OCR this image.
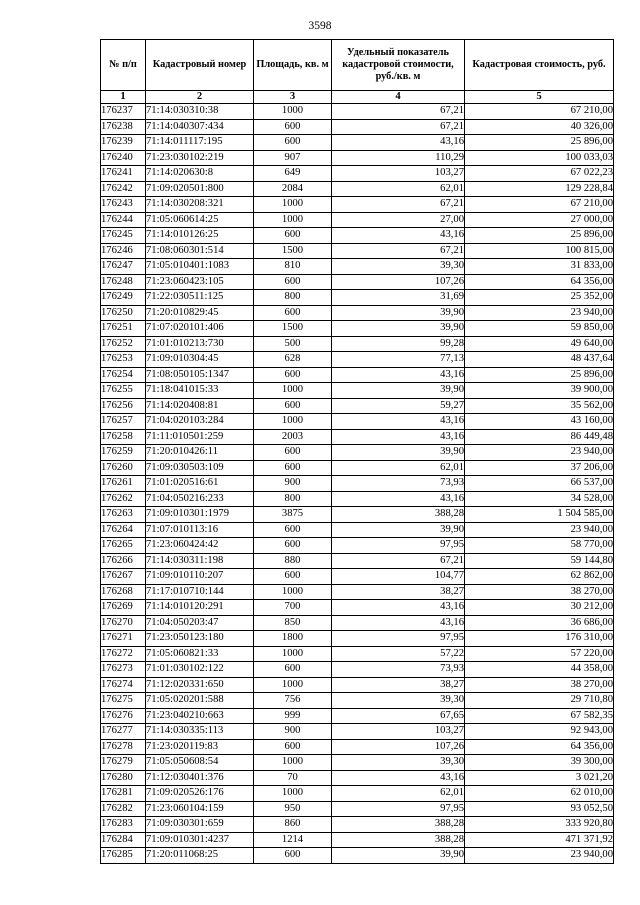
3598
№ п/п	Кадастровый номер	Площадь, кв. м	Удельный показатель кадастровой стоимости, руб./кв. м	Кадастровая стоимость, руб.
1	2	3	4	5
176237	71:14:030310:38	1000	67,21	67 210,00
176238	71:14:040307:434	600	67,21	40 326,00
176239	71:14:011117:195	600	43,16	25 896,00
176240	71:23:030102:219	907	110,29	100 033,03
176241	71:14:020630:8	649	103,27	67 022,23
176242	71:09:020501:800	2084	62,01	129 228,84
176243	71:14:030208:321	1000	67,21	67 210,00
176244	71:05:060614:25	1000	27,00	27 000,00
176245	71:14:010126:25	600	43,16	25 896,00
176246	71:08:060301:514	1500	67,21	100 815,00
176247	71:05:010401:1083	810	39,30	31 833,00
176248	71:23:060423:105	600	107,26	64 356,00
176249	71:22:030511:125	800	31,69	25 352,00
176250	71:20:010829:45	600	39,90	23 940,00
176251	71:07:020101:406	1500	39,90	59 850,00
176252	71:01:010213:730	500	99,28	49 640,00
176253	71:09:010304:45	628	77,13	48 437,64
176254	71:08:050105:1347	600	43,16	25 896,00
176255	71:18:041015:33	1000	39,90	39 900,00
176256	71:14:020408:81	600	59,27	35 562,00
176257	71:04:020103:284	1000	43,16	43 160,00
176258	71:11:010501:259	2003	43,16	86 449,48
176259	71:20:010426:11	600	39,90	23 940,00
176260	71:09:030503:109	600	62,01	37 206,00
176261	71:01:020516:61	900	73,93	66 537,00
176262	71:04:050216:233	800	43,16	34 528,00
176263	71:09:010301:1979	3875	388,28	1 504 585,00
176264	71:07:010113:16	600	39,90	23 940,00
176265	71:23:060424:42	600	97,95	58 770,00
176266	71:14:030311:198	880	67,21	59 144,80
176267	71:09:010110:207	600	104,77	62 862,00
176268	71:17:010710:144	1000	38,27	38 270,00
176269	71:14:010120:291	700	43,16	30 212,00
176270	71:04:050203:47	850	43,16	36 686,00
176271	71:23:050123:180	1800	97,95	176 310,00
176272	71:05:060821:33	1000	57,22	57 220,00
176273	71:01:030102:122	600	73,93	44 358,00
176274	71:12:020331:650	1000	38,27	38 270,00
176275	71:05:020201:588	756	39,30	29 710,80
176276	71:23:040210:663	999	67,65	67 582,35
176277	71:14:030335:113	900	103,27	92 943,00
176278	71:23:020119:83	600	107,26	64 356,00
176279	71:05:050608:54	1000	39,30	39 300,00
176280	71:12:030401:376	70	43,16	3 021,20
176281	71:09:020526:176	1000	62,01	62 010,00
176282	71:23:060104:159	950	97,95	93 052,50
176283	71:09:030301:659	860	388,28	333 920,80
176284	71:09:010301:4237	1214	388,28	471 371,92
176285	71:20:011068:25	600	39,90	23 940,00
